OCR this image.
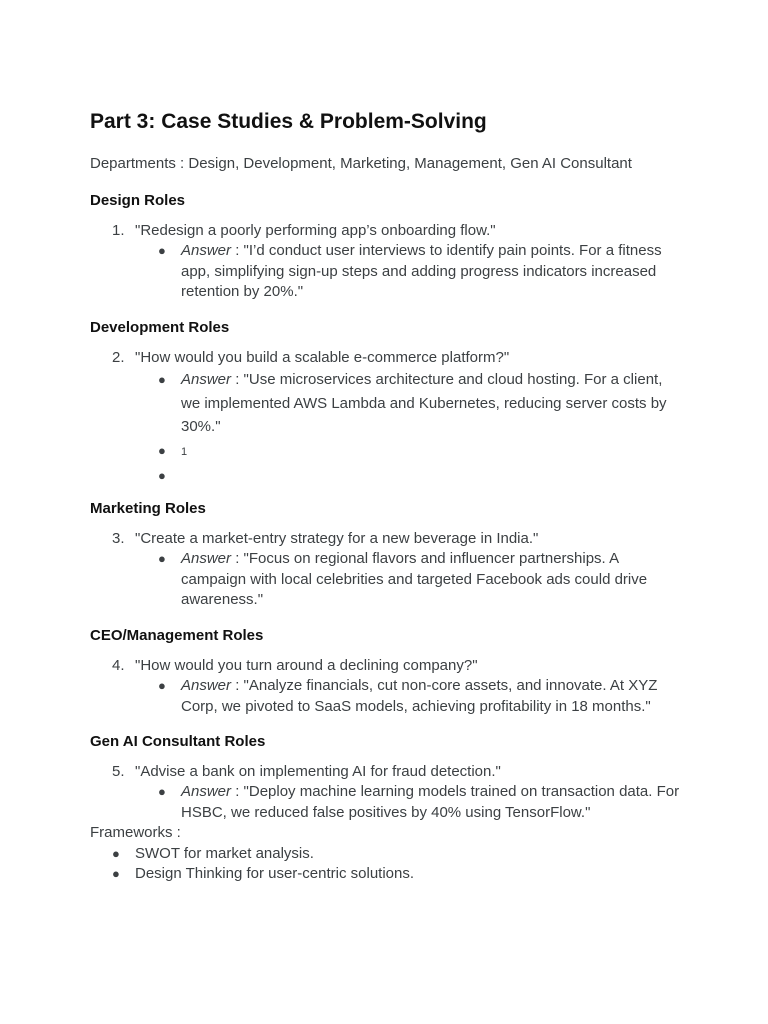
Part 3: Case Studies & Problem-Solving
Departments : Design, Development, Marketing, Management, Gen AI Consultant
Design Roles
1. "Redesign a poorly performing app’s onboarding flow."
● Answer : "I’d conduct user interviews to identify pain points. For a fitness app, simplifying sign-up steps and adding progress indicators increased retention by 20%."
Development Roles
2. "How would you build a scalable e-commerce platform?"
● Answer : "Use microservices architecture and cloud hosting. For a client, we implemented AWS Lambda and Kubernetes, reducing server costs by 30%."
● 1
●
Marketing Roles
3. "Create a market-entry strategy for a new beverage in India."
● Answer : "Focus on regional flavors and influencer partnerships. A campaign with local celebrities and targeted Facebook ads could drive awareness."
CEO/Management Roles
4. "How would you turn around a declining company?"
● Answer : "Analyze financials, cut non-core assets, and innovate. At XYZ Corp, we pivoted to SaaS models, achieving profitability in 18 months."
Gen AI Consultant Roles
5. "Advise a bank on implementing AI for fraud detection."
● Answer : "Deploy machine learning models trained on transaction data. For HSBC, we reduced false positives by 40% using TensorFlow."
Frameworks :
● SWOT for market analysis.
● Design Thinking for user-centric solutions.
